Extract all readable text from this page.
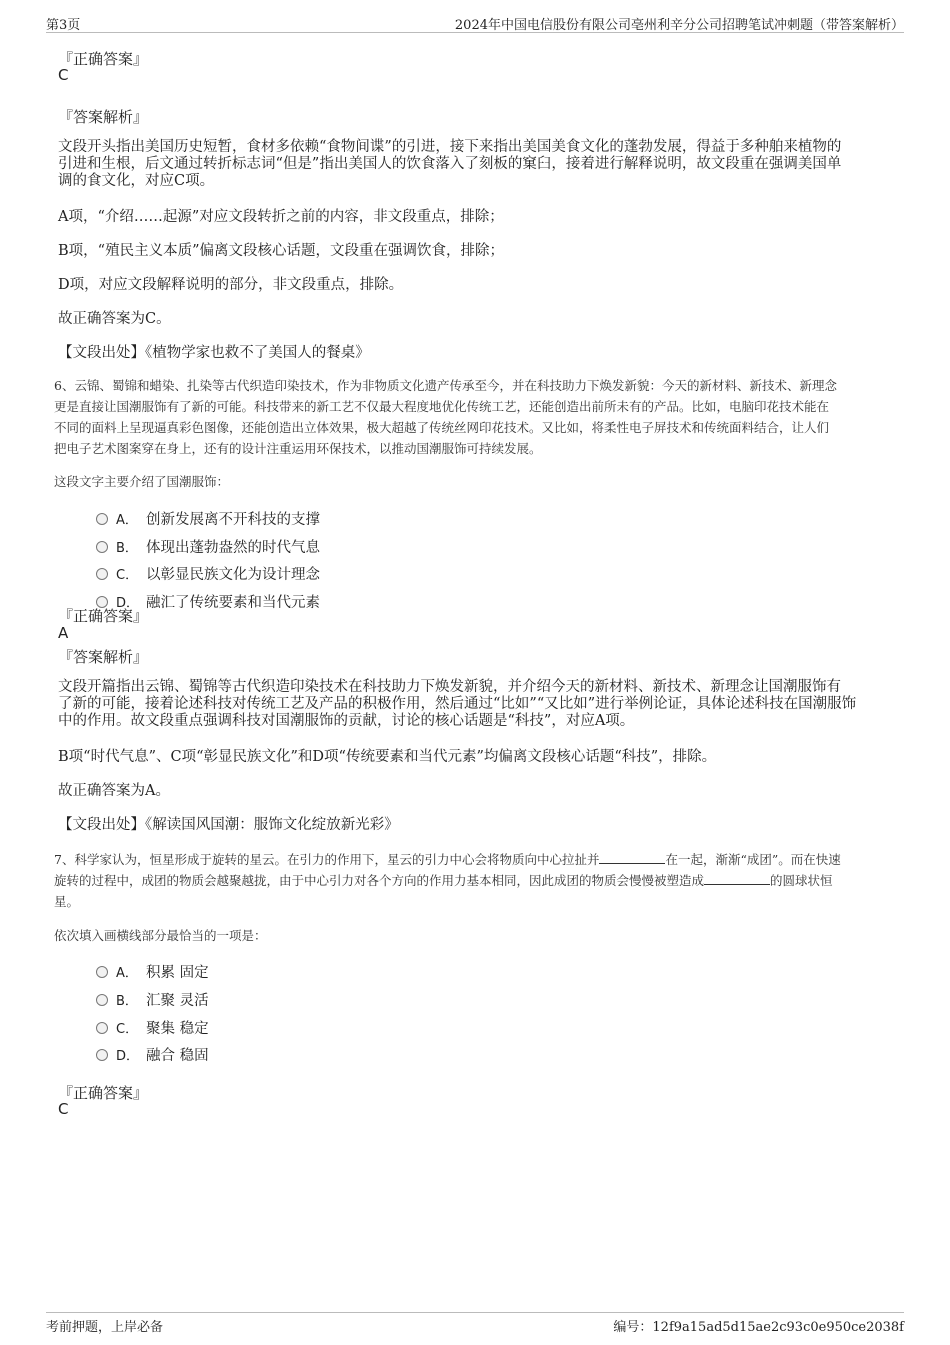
第3页	2024年中国电信股份有限公司亳州利辛分公司招聘笔试冲刺题（带答案解析）
『正确答案』
C
『答案解析』
文段开头指出美国历史短暂，食材多依赖“食物间谍”的引进，接下来指出美国美食文化的蓬勃发展，得益于多种舶来植物的
引进和生根，后文通过转折标志词“但是”指出美国人的饮食落入了刻板的窠臼，接着进行解释说明，故文段重在强调美国单
调的食文化，对应C项。
A项，“介绍……起源”对应文段转折之前的内容，非文段重点，排除；
B项，“殖民主义本质”偏离文段核心话题，文段重在强调饮食，排除；
D项，对应文段解释说明的部分，非文段重点，排除。
故正确答案为C。
【文段出处】《植物学家也救不了美国人的餐桌》
6、云锦、蜀锦和蜡染、扎染等古代织造印染技术，作为非物质文化遗产传承至今，并在科技助力下焕发新貌：今天的新材料、新技术、新理念
更是直接让国潮服饰有了新的可能。科技带来的新工艺不仅最大程度地优化传统工艺，还能创造出前所未有的产品。比如，电脑印花技术能在
不同的面料上呈现逼真彩色图像，还能创造出立体效果，极大超越了传统丝网印花技术。又比如，将柔性电子屏技术和传统面料结合，让人们
把电子艺术图案穿在身上，还有的设计注重运用环保技术，以推动国潮服饰可持续发展。
这段文字主要介绍了国潮服饰：
A． 创新发展离不开科技的支撑
B． 体现出蓬勃盎然的时代气息
C． 以彰显民族文化为设计理念
D． 融汇了传统要素和当代元素
『正确答案』
A
『答案解析』
文段开篇指出云锦、蜀锦等古代织造印染技术在科技助力下焕发新貌，并介绍今天的新材料、新技术、新理念让国潮服饰有
了新的可能，接着论述科技对传统工艺及产品的积极作用，然后通过“比如”“又比如”进行举例论证，具体论述科技在国潮服饰
中的作用。故文段重点强调科技对国潮服饰的贡献，讨论的核心话题是“科技”，对应A项。
B项“时代气息”、C项“彰显民族文化”和D项“传统要素和当代元素”均偏离文段核心话题“科技”，排除。
故正确答案为A。
【文段出处】《解读国风国潮：服饰文化绽放新光彩》
7、科学家认为，恒星形成于旋转的星云。在引力的作用下，星云的引力中心会将物质向中心拉扯并	在一起，渐渐“成团”。而在快速
旋转的过程中，成团的物质会越聚越拢，由于中心引力对各个方向的作用力基本相同，因此成团的物质会慢慢被塑造成	的圆球状恒
星。
依次填入画横线部分最恰当的一项是：
A． 积累 固定
B． 汇聚 灵活
C． 聚集 稳定
D． 融合 稳固
『正确答案』
C
考前押题，上岸必备	编号：12f9a15ad5d15ae2c93c0e950ce2038f
